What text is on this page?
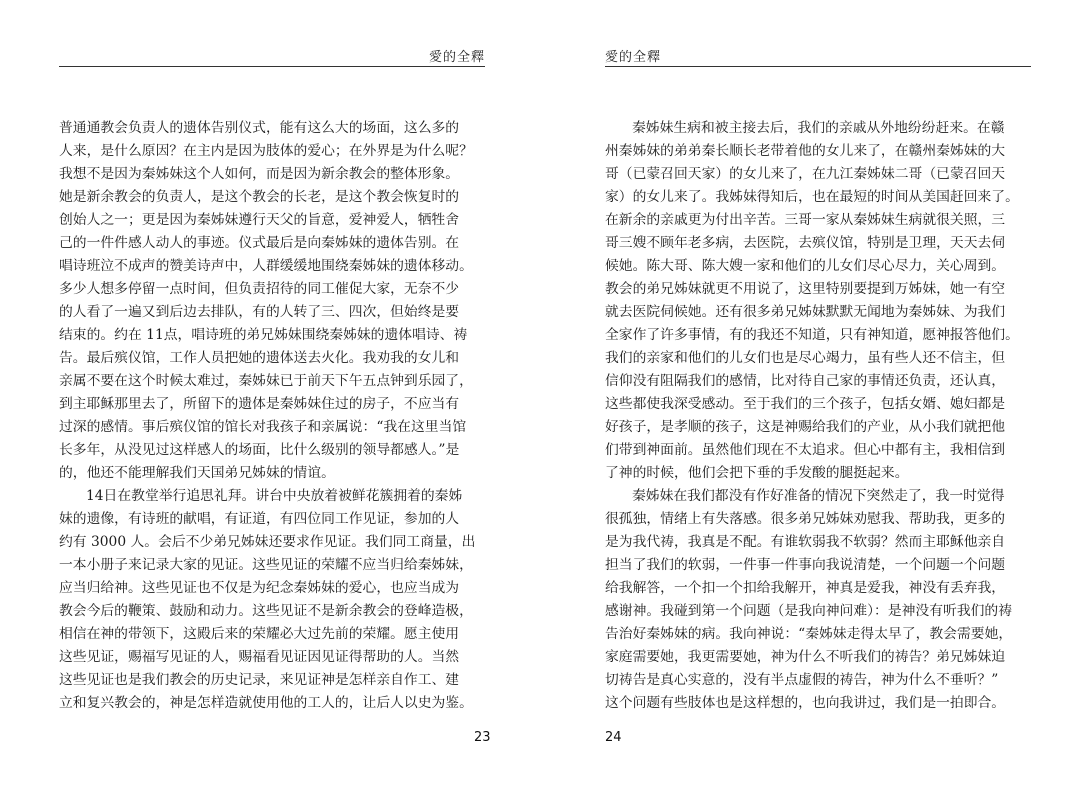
愛的全釋
普通通教会负责人的遗体告别仪式，能有这么大的场面，这么多的
人来，是什么原因？在主内是因为肢体的爱心；在外界是为什么呢？
我想不是因为秦姊妹这个人如何，而是因为新余教会的整体形象。
她是新余教会的负责人，是这个教会的长老，是这个教会恢复时的
创始人之一；更是因为秦姊妹遵行天父的旨意，爱神爱人，牺牲舍
己的一件件感人动人的事迹。仪式最后是向秦姊妹的遗体告别。在
唱诗班泣不成声的赞美诗声中，人群缓缓地围绕秦姊妹的遗体移动。
多少人想多停留一点时间，但负责招待的同工催促大家，无奈不少
的人看了一遍又到后边去排队，有的人转了三、四次，但始终是要
结束的。约在 11点，唱诗班的弟兄姊妹围绕秦姊妹的遗体唱诗、祷
告。最后殡仪馆，工作人员把她的遗体送去火化。我劝我的女儿和
亲属不要在这个时候太难过，秦姊妹已于前天下午五点钟到乐园了，
到主耶稣那里去了，所留下的遗体是秦姊妹住过的房子，不应当有
过深的感情。事后殡仪馆的馆长对我孩子和亲属说：“我在这里当馆
长多年，从没见过这样感人的场面，比什么级别的领导都感人。”是
的，他还不能理解我们天国弟兄姊妹的情谊。
14日在教堂举行追思礼拜。讲台中央放着被鲜花簇拥着的秦姊
妹的遗像，有诗班的献唱，有证道，有四位同工作见证，参加的人
约有 3000 人。会后不少弟兄姊妹还要求作见证。我们同工商量，出
一本小册子来记录大家的见证。这些见证的荣耀不应当归给秦姊妹，
应当归给神。这些见证也不仅是为纪念秦姊妹的爱心，也应当成为
教会今后的鞭策、鼓励和动力。这些见证不是新余教会的登峰造极，
相信在神的带领下，这殿后来的荣耀必大过先前的荣耀。愿主使用
这些见证，赐福写见证的人，赐福看见证因见证得帮助的人。当然
这些见证也是我们教会的历史记录，来见证神是怎样亲自作工、建
立和复兴教会的，神是怎样造就使用他的工人的，让后人以史为鉴。
23
愛的全釋
秦姊妹生病和被主接去后，我们的亲戚从外地纷纷赶来。在赣
州秦姊妹的弟弟秦长顺长老带着他的女儿来了，在赣州秦姊妹的大
哥（已蒙召回天家）的女儿来了，在九江秦姊妹二哥（已蒙召回天
家）的女儿来了。我姊妹得知后，也在最短的时间从美国赶回来了。
在新余的亲戚更为付出辛苦。三哥一家从秦姊妹生病就很关照，三
哥三嫂不顾年老多病，去医院，去殡仪馆，特别是卫理，天天去伺
候她。陈大哥、陈大嫂一家和他们的儿女们尽心尽力，关心周到。
教会的弟兄姊妹就更不用说了，这里特别要提到万姊妹，她一有空
就去医院伺候她。还有很多弟兄姊妹默默无闻地为秦姊妹、为我们
全家作了许多事情，有的我还不知道，只有神知道，愿神报答他们。
我们的亲家和他们的儿女们也是尽心竭力，虽有些人还不信主，但
信仰没有阻隔我们的感情，比对待自己家的事情还负责，还认真，
这些都使我深受感动。至于我们的三个孩子，包括女婿、媳妇都是
好孩子，是孝顺的孩子，这是神赐给我们的产业，从小我们就把他
们带到神面前。虽然他们现在不太追求。但心中都有主，我相信到
了神的时候，他们会把下垂的手发酸的腿挺起来。
秦姊妹在我们都没有作好准备的情况下突然走了，我一时觉得
很孤独，情绪上有失落感。很多弟兄姊妹劝慰我、帮助我，更多的
是为我代祷，我真是不配。有谁软弱我不软弱？然而主耶稣他亲自
担当了我们的软弱，一件事一件事向我说清楚，一个问题一个问题
给我解答，一个扣一个扣给我解开，神真是爱我，神没有丢弃我，
感谢神。我碰到第一个问题（是我向神问难）：是神没有听我们的祷
告治好秦姊妹的病。我向神说：“秦姊妹走得太早了，教会需要她，
家庭需要她，我更需要她，神为什么不听我们的祷告？弟兄姊妹迫
切祷告是真心实意的，没有半点虚假的祷告，神为什么不垂听？”
这个问题有些肢体也是这样想的，也向我讲过，我们是一拍即合。
24
